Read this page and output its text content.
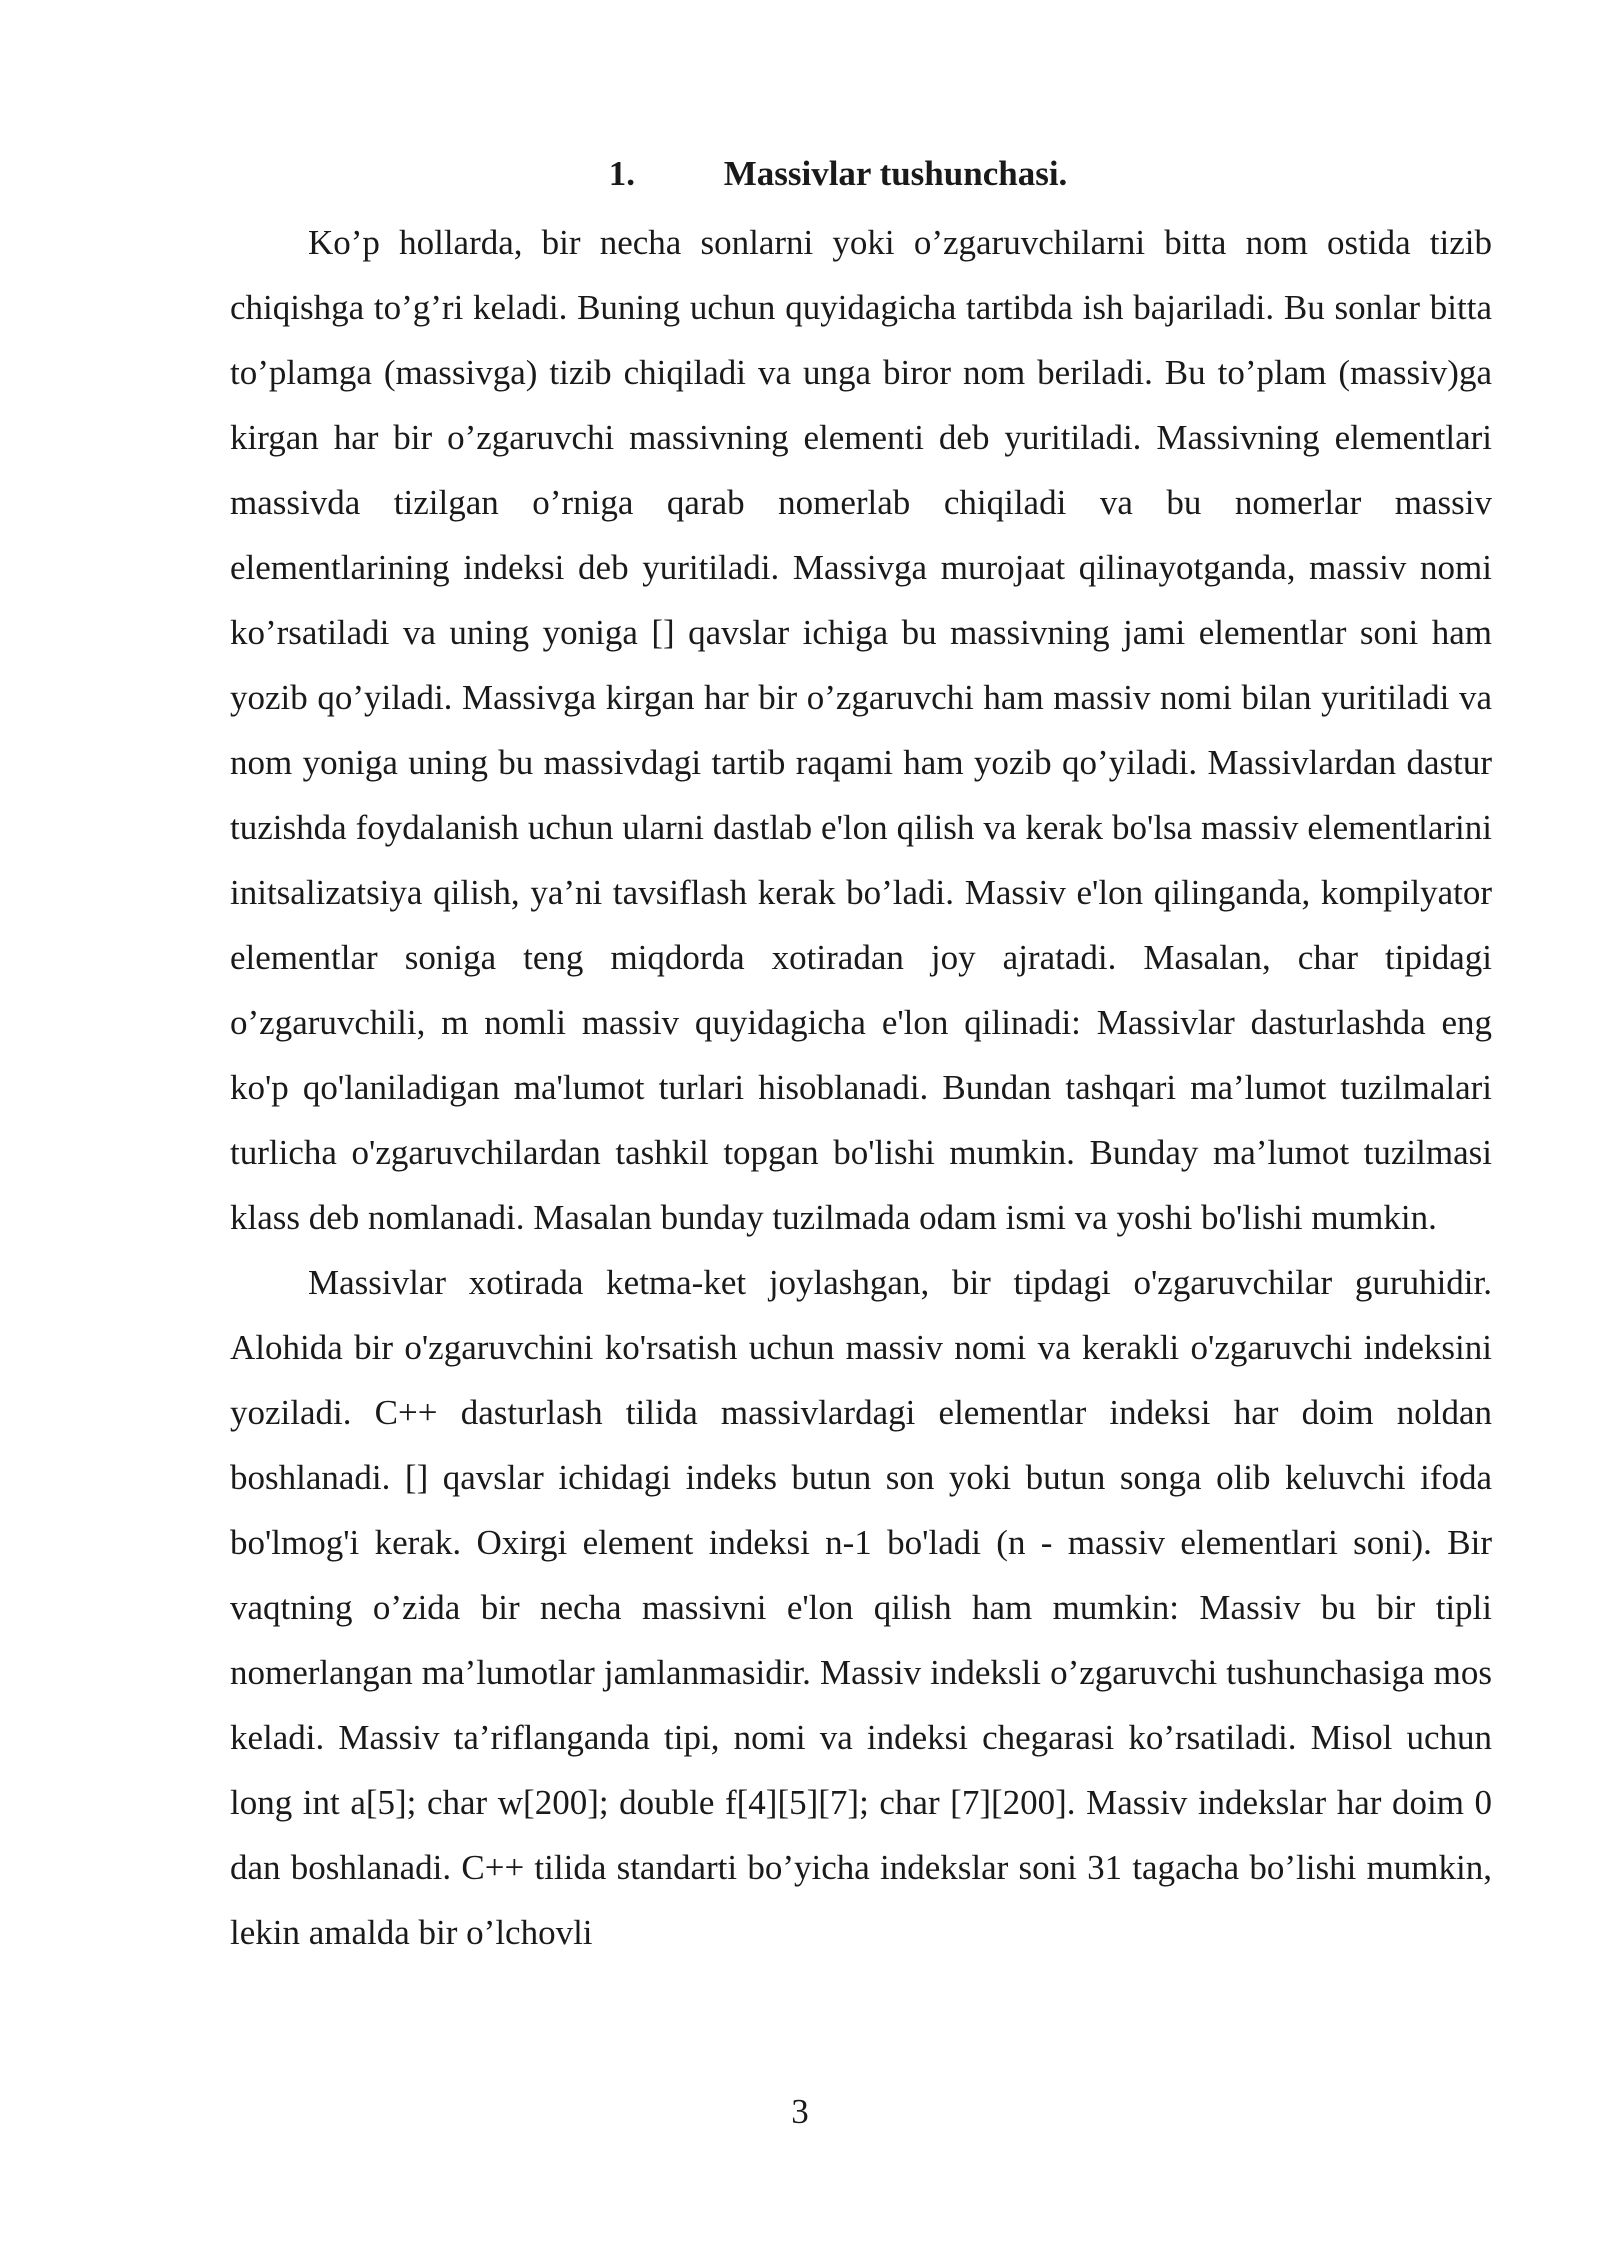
1.	Massivlar tushunchasi.

Ko’p hollarda, bir necha sonlarni yoki o’zgaruvchilarni bitta nom ostida tizib chiqishga to’g’ri keladi. Buning uchun quyidagicha tartibda ish bajariladi. Bu sonlar bitta to’plamga (massivga) tizib chiqiladi va unga biror nom beriladi. Bu to’plam (massiv)ga kirgan har bir o’zgaruvchi massivning elementi deb yuritiladi. Massivning elementlari massivda tizilgan o’rniga qarab nomerlab chiqiladi va bu nomerlar massiv elementlarining indeksi deb yuritiladi. Massivga murojaat qilinayotganda, massiv nomi ko’rsatiladi va uning yoniga [] qavslar ichiga bu massivning jami elementlar soni ham yozib qo’yiladi. Massivga kirgan har bir o’zgaruvchi ham massiv nomi bilan yuritiladi va nom yoniga uning bu massivdagi tartib raqami ham yozib qo’yiladi. Massivlardan dastur tuzishda foydalanish uchun ularni dastlab e'lon qilish va kerak bo'lsa massiv elementlarini initsalizatsiya qilish, ya’ni tavsiflash kerak bo’ladi. Massiv e'lon qilinganda, kompilyator elementlar soniga teng miqdorda xotiradan joy ajratadi. Masalan, char tipidagi o’zgaruvchili, m nomli massiv quyidagicha e'lon qilinadi: Massivlar dasturlashda eng ko'p qo'laniladigan ma'lumot turlari hisoblanadi. Bundan tashqari ma’lumot tuzilmalari turlicha o'zgaruvchilardan tashkil topgan bo'lishi mumkin. Bunday ma’lumot tuzilmasi klass deb nomlanadi. Masalan bunday tuzilmada odam ismi va yoshi bo'lishi mumkin.

Massivlar xotirada ketma-ket joylashgan, bir tipdagi o'zgaruvchilar guruhidir. Alohida bir o'zgaruvchini ko'rsatish uchun massiv nomi va kerakli o'zgaruvchi indeksini yoziladi. C++ dasturlash tilida massivlardagi elementlar indeksi har doim noldan boshlanadi. [] qavslar ichidagi indeks butun son yoki butun songa olib keluvchi ifoda bo'lmog'i kerak. Oxirgi element indeksi n-1 bo'ladi (n - massiv elementlari soni). Bir vaqtning o’zida bir necha massivni e'lon qilish ham mumkin: Massiv bu bir tipli nomerlangan ma’lumotlar jamlanmasidir. Massiv indeksli o’zgaruvchi tushunchasiga mos keladi. Massiv ta’riflanganda tipi, nomi va indeksi chegarasi ko’rsatiladi. Misol uchun long int a[5]; char w[200]; double f[4][5][7]; char [7][200]. Massiv indekslar har doim 0 dan boshlanadi. C++ tilida standarti bo’yicha indekslar soni 31 tagacha bo’lishi mumkin, lekin amalda bir o’lchovli

3
